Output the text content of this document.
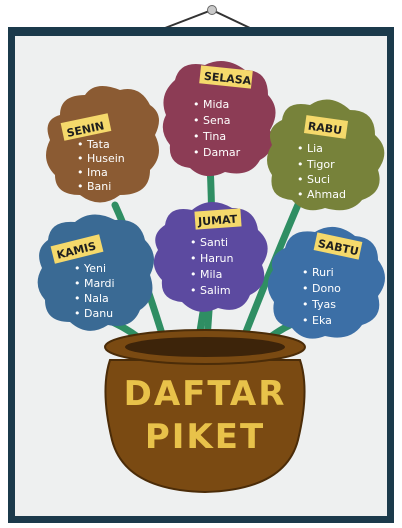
SENIN
• Tata
• Husein
• Ima
• Bani
SELASA
• Mida
• Sena
• Tina
• Damar
RABU
• Lia
• Tigor
• Suci
• Ahmad
KAMIS
• Yeni
• Mardi
• Nala
• Danu
JUMAT
• Santi
• Harun
• Mila
• Salim
SABTU
• Ruri
• Dono
• Tyas
• Eka
DAFTAR
PIKET
